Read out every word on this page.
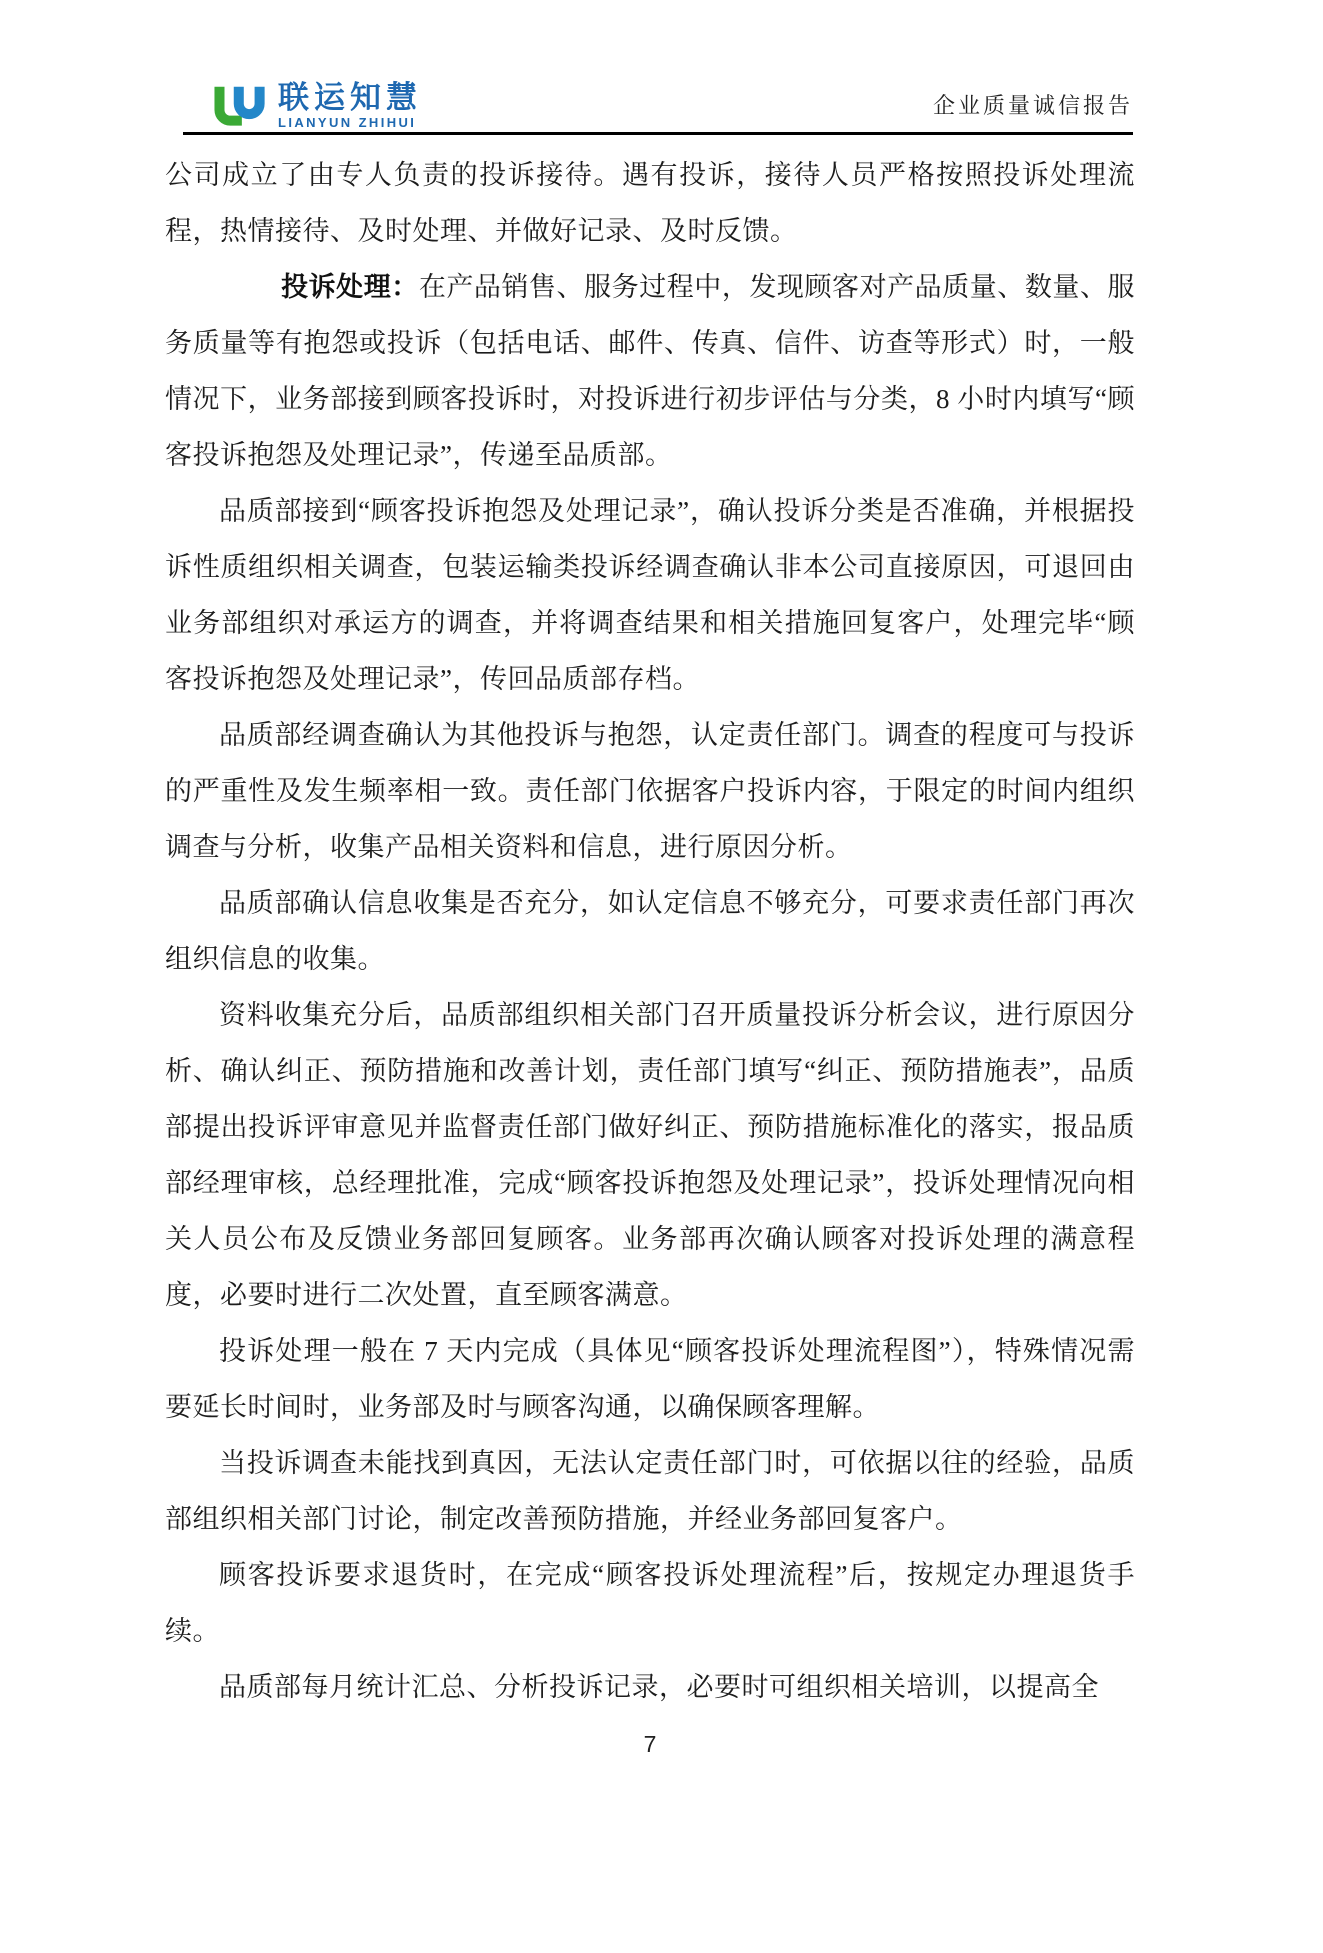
联运知慧
LIANYUN ZHIHUI
企业质量诚信报告

公司成立了由专人负责的投诉接待。遇有投诉，接待人员严格按照投诉处理流程，热情接待、及时处理、并做好记录、及时反馈。

投诉处理：在产品销售、服务过程中，发现顾客对产品质量、数量、服务质量等有抱怨或投诉（包括电话、邮件、传真、信件、访查等形式）时，一般情况下，业务部接到顾客投诉时，对投诉进行初步评估与分类，8 小时内填写“顾客投诉抱怨及处理记录”，传递至品质部。

品质部接到“顾客投诉抱怨及处理记录”，确认投诉分类是否准确，并根据投诉性质组织相关调查，包装运输类投诉经调查确认非本公司直接原因，可退回由业务部组织对承运方的调查，并将调查结果和相关措施回复客户，处理完毕“顾客投诉抱怨及处理记录”，传回品质部存档。

品质部经调查确认为其他投诉与抱怨，认定责任部门。调查的程度可与投诉的严重性及发生频率相一致。责任部门依据客户投诉内容，于限定的时间内组织调查与分析，收集产品相关资料和信息，进行原因分析。

品质部确认信息收集是否充分，如认定信息不够充分，可要求责任部门再次组织信息的收集。

资料收集充分后，品质部组织相关部门召开质量投诉分析会议，进行原因分析、确认纠正、预防措施和改善计划，责任部门填写“纠正、预防措施表”，品质部提出投诉评审意见并监督责任部门做好纠正、预防措施标准化的落实，报品质部经理审核，总经理批准，完成“顾客投诉抱怨及处理记录”，投诉处理情况向相关人员公布及反馈业务部回复顾客。业务部再次确认顾客对投诉处理的满意程度，必要时进行二次处置，直至顾客满意。

投诉处理一般在 7 天内完成（具体见“顾客投诉处理流程图”），特殊情况需要延长时间时，业务部及时与顾客沟通，以确保顾客理解。

当投诉调查未能找到真因，无法认定责任部门时，可依据以往的经验，品质部组织相关部门讨论，制定改善预防措施，并经业务部回复客户。

顾客投诉要求退货时，在完成“顾客投诉处理流程”后，按规定办理退货手续。

品质部每月统计汇总、分析投诉记录，必要时可组织相关培训，以提高全

7
